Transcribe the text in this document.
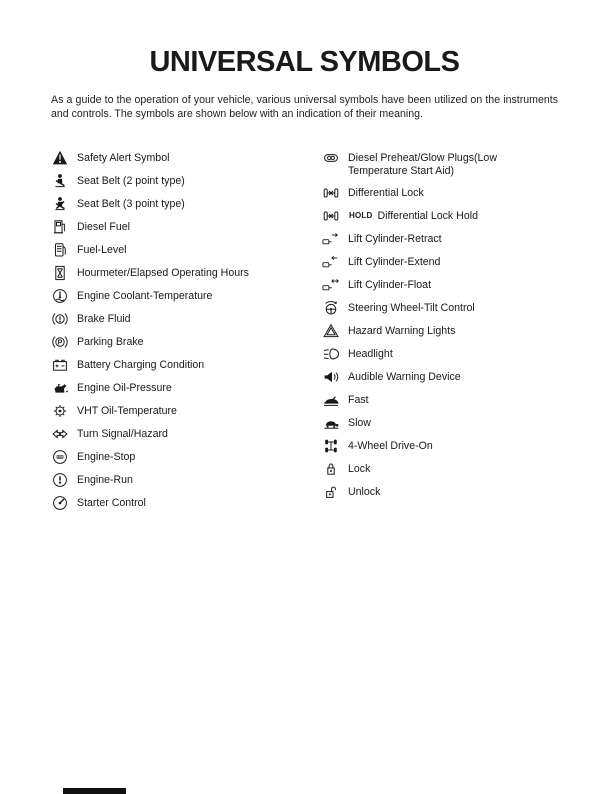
UNIVERSAL SYMBOLS

As a guide to the operation of your vehicle, various universal symbols have been utilized on the instruments and controls. The symbols are shown below with an indication of their meaning.

Safety Alert Symbol
Seat Belt (2 point type)
Seat Belt (3 point type)
Diesel Fuel
Fuel-Level
Hourmeter/Elapsed Operating Hours
Engine Coolant-Temperature
Brake Fluid
Parking Brake
Battery Charging Condition
Engine Oil-Pressure
VHT Oil-Temperature
Turn Signal/Hazard
Engine-Stop
Engine-Run
Starter Control
Diesel Preheat/Glow Plugs(Low Temperature Start Aid)
Differential Lock
HOLD Differential Lock Hold
Lift Cylinder-Retract
Lift Cylinder-Extend
Lift Cylinder-Float
Steering Wheel-Tilt Control
Hazard Warning Lights
Headlight
Audible Warning Device
Fast
Slow
4-Wheel Drive-On
Lock
Unlock
